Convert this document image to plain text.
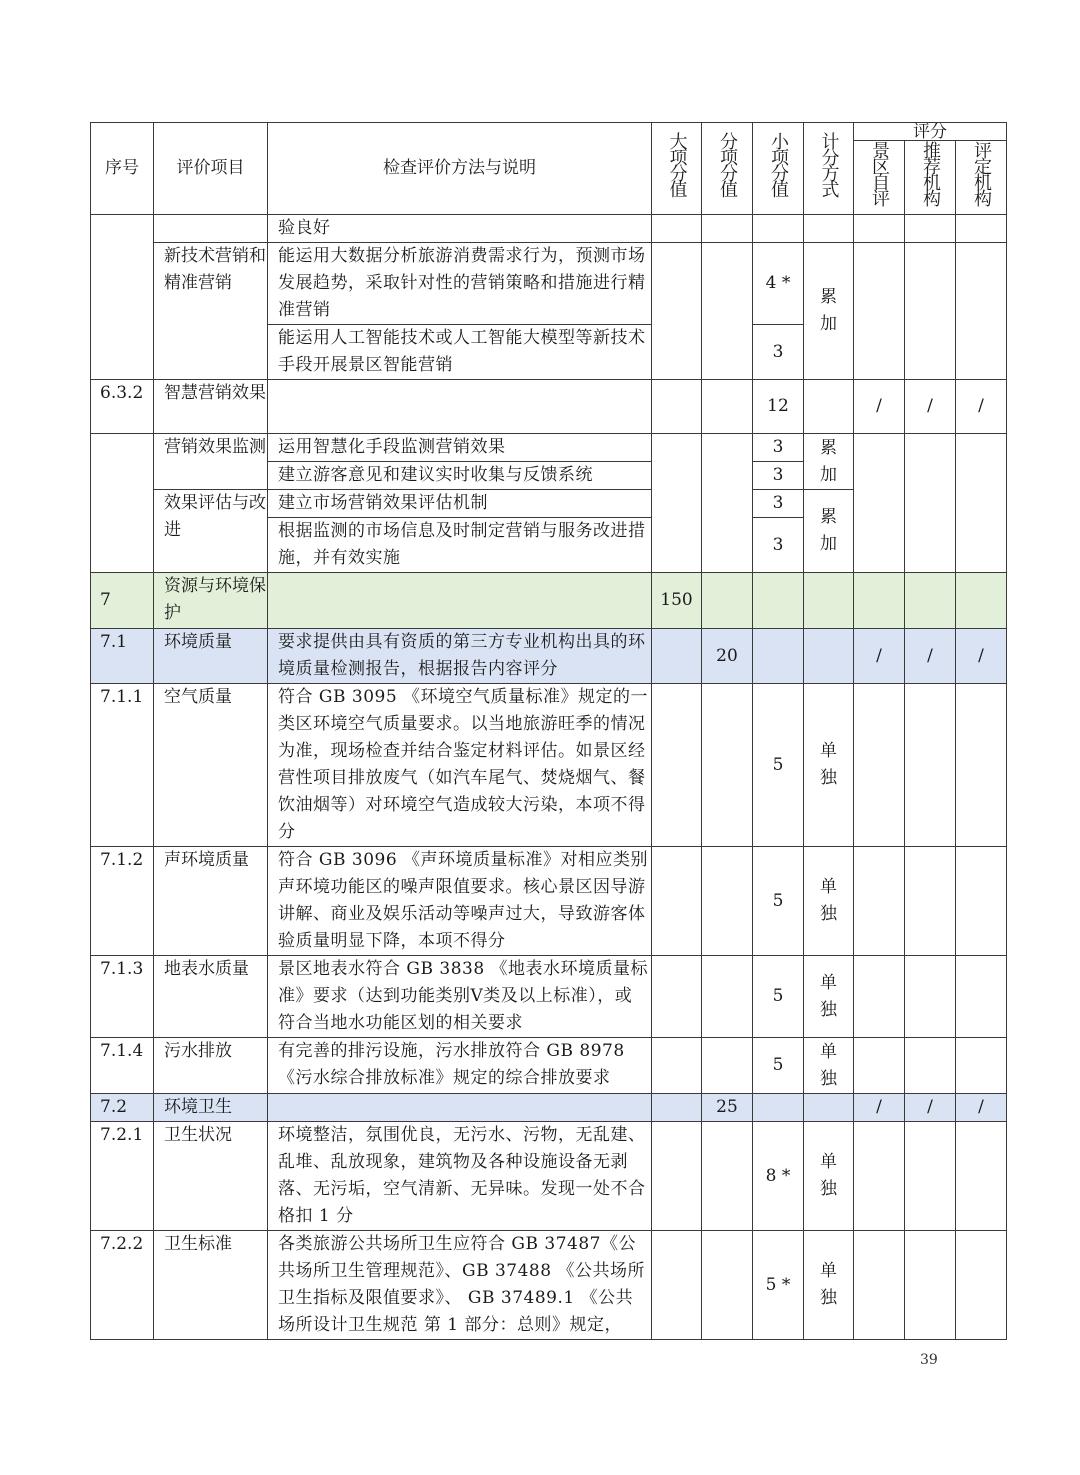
序号	评价项目	检查评价方法与说明	大项分值	分项分值	小项分值	计分方式	评分		
							景区自评	推荐机构	评定机构
		验良好							
	新技术营销和精准营销	能运用大数据分析旅游消费需求行为，预测市场发展趋势，采取针对性的营销策略和措施进行精准营销			4 *	累加			
		能运用人工智能技术或人工智能大模型等新技术手段开展景区智能营销			3				
6.3.2	智慧营销效果				12		/	/	/
	营销效果监测	运用智慧化手段监测营销效果			3	累加			
		建立游客意见和建议实时收集与反馈系统			3				
	效果评估与改进	建立市场营销效果评估机制			3	累加			
		根据监测的市场信息及时制定营销与服务改进措施，并有效实施			3				
7	资源与环境保护		150						
7.1	环境质量	要求提供由具有资质的第三方专业机构出具的环境质量检测报告，根据报告内容评分		20			/	/	/
7.1.1	空气质量	符合 GB 3095 《环境空气质量标准》规定的一类区环境空气质量要求。以当地旅游旺季的情况为准，现场检查并结合鉴定材料评估。如景区经营性项目排放废气（如汽车尾气、焚烧烟气、餐饮油烟等）对环境空气造成较大污染，本项不得分			5	单独			
7.1.2	声环境质量	符合 GB 3096 《声环境质量标准》对相应类别声环境功能区的噪声限值要求。核心景区因导游讲解、商业及娱乐活动等噪声过大，导致游客体验质量明显下降，本项不得分			5	单独			
7.1.3	地表水质量	景区地表水符合 GB 3838 《地表水环境质量标准》要求（达到功能类别V类及以上标准），或符合当地水功能区划的相关要求			5	单独			
7.1.4	污水排放	有完善的排污设施，污水排放符合 GB 8978 《污水综合排放标准》规定的综合排放要求			5	单独			
7.2	环境卫生			25			/	/	/
7.2.1	卫生状况	环境整洁，氛围优良，无污水、污物，无乱建、乱堆、乱放现象，建筑物及各种设施设备无剥落、无污垢，空气清新、无异味。发现一处不合格扣 1 分			8 *	单独			
7.2.2	卫生标准	各类旅游公共场所卫生应符合 GB 37487《公共场所卫生管理规范》、GB 37488 《公共场所卫生指标及限值要求》、 GB 37489.1 《公共场所设计卫生规范 第 1 部分：总则》规定，			5 *	单独			
39
